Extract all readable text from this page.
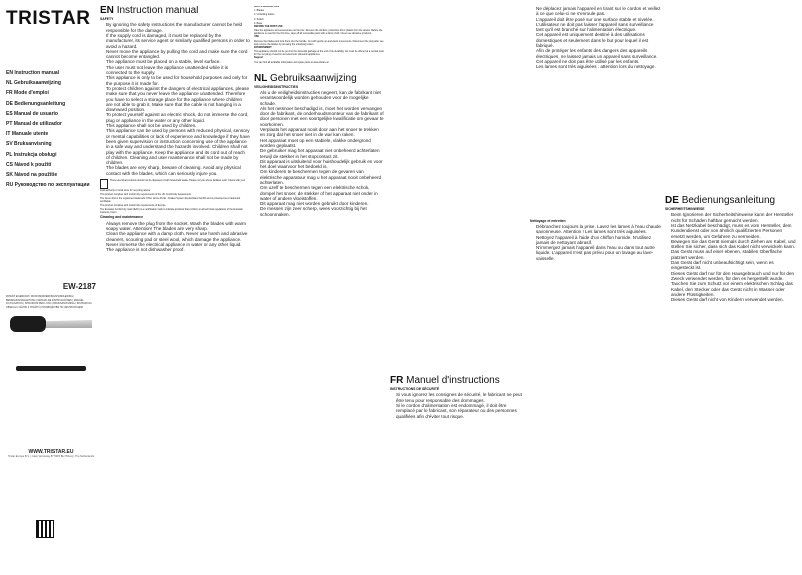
TRISTAR
EN Instruction manual
NL Gebruiksaanwijzing
FR Mode d'emploi
DE Bedienungsanleitung
ES Manual de usuario
PT Manual de utilizador
IT Manuale utente
SV Bruksanvisning
PL Instrukcja obsługi
CS Návod k použití
SK Návod na použitie
RU Руководство по эксплуатации
EW-2187
PATENT EIGENDOM / DOOD BEWOERKINGSHANDLEIDING | BEDIENUNGSANLEITUNG | MANUAL DE INSTRUCCIONES | MANUEL D'UTILISATION | ISTRUZIONI PER L'USO | BRUKSANVISNING | INSTRUKCJA OBSŁUGI | NÁVOD K POUŽITÍ | РУКОВОДСТВО ПО ЭКСПЛУАТАЦИИ
WWW.TRISTAR.EU
Tristar Europe B.V. | Jules Verneweg 87 5015 BH Tilburg | The Netherlands
EN Instruction manual
SAFETY
• By ignoring the safety instructions the manufacturer cannot be held responsible for the damage.
• If the supply cord is damaged, it must be replaced by the manufacturer, its service agent or similarly qualified persons in order to avoid a hazard.
• Never move the appliance by pulling the cord and make sure the cord cannot become entangled.
• The appliance must be placed on a stable, level surface.
• The user must not leave the appliance unattended while it is connected to the supply.
• This appliance is only to be used for household purposes and only for the purpose it is made for.
• To protect children against the dangers of electrical appliances, please make sure that you never leave the appliance unattended. Therefore you have to select a storage place for the appliance where children are not able to grab it. Make sure that the cable is not hanging in a downward position.
• To protect yourself against an electric shock, do not immerse the cord, plug or appliance in the water or any other liquid.
• This appliance shall not be used by children.
• This appliance can be used by persons with reduced physical, sensory or mental capabilities or lack of experience and knowledge if they have been given supervision or instruction concerning use of the appliance in a safe way and understand the hazards involved. Children shall not play with the appliance. Keep the appliance and its cord out of reach of children. Cleaning and user maintenance shall not be made by children.
• The blades are very sharp, beware of cleaning. Avoid any physical contact with the blades, which can seriously injure you.

These electrical products should not be disposed of with household waste. Please recycle where facilities exist. Check with your local authority or local store for recycling advice.

This product complies with conformity requirements of the UK Conformity Assessment.

The Green Dot is the registered trademark of Der Grüne Punkt - Duales System Deutschland GmbH and is protected as a trademark worldwide.

This product complies with conformity requirements of Europe.

The Eurasian Conformity mark (EAC) is a certification mark to indicate products that conform to all technical regulations of the Eurasian Customs Union.

Cleaning and maintenance
• Always remove the plug from the socket. Wash the blades with warm soapy water. Attention! The blades are very sharp.
• Clean the appliance with a damp cloth. Never use harsh and abrasive cleaners, scouring pad or steel wool, which damage the appliance.
• Never immerse the electrical appliance in water or any other liquid. The appliance is not dishwasher proof.

PARTS DESCRIPTION

1. Blades

2. Unlocking button

3. Switch

4. Base

BEFORE THE FIRST USE

Take the appliance and accessories out the box. Remove the stickers, protective foil or plastic from the device. Before the appliance is used for the first time, wipe off all removable parts with a damp cloth. Never use abrasive products.

USE

Remove the blades and lock them into the handle. Cut with gentle up-and-down movements. Disconnect the plug after use and remove the blades by pressing the unlocking button.

ENVIRONMENT

This appliance should not be put into the domestic garbage at the end of its durability, but must be offered at a central point for the recycling of electric and electronic domestic appliances.

Support

You can find all available information and spare parts at www.tristar.eu!

NL Gebruiksaanwijzing
VEILIGHEIDSINSTRUCTIES
• Als u de veiligheidsinstructies negeert, kan de fabrikant niet verantwoordelijk worden gehouden voor de mogelijke schade.
• Als het netsnoer beschadigd is, moet het worden vervangen door de fabrikant, de onderhoudsmonteur van de fabrikant of door personen met een soortgelijke kwalificatie om gevaar te voorkomen.
• Verplaats het apparaat nooit door aan het snoer te trekken en zorg dat het snoer niet in de war kan raken.
• Het apparaat moet op een stabiele, vlakke ondergrond worden geplaatst.
• De gebruiker mag het apparaat niet onbeheerd achterlaten terwijl de stekker in het stopcontact zit.
• Dit apparaat is uitsluitend voor huishoudelijk gebruik en voor het doel waarvoor het bedoeld is.
• Om kinderen te beschermen tegen de gevaren van elektrische apparatuur mag u het apparaat nooit onbeheerd achterlaten.
• Om uzelf te beschermen tegen een elektrische schok, dompel het snoer, de stekker of het apparaat niet onder in water of andere vloeistoffen.
• Dit apparaat mag niet worden gebruikt door kinderen.
• De messen zijn zeer scherp, wees voorzichtig bij het schoonmaken.
FR Manuel d'instructions
INSTRUCTIONS DE SÉCURITÉ
• Si vous ignorez les consignes de sécurité, le fabricant ne peut être tenu pour responsable des dommages.
• Si le cordon d'alimentation est endommagé, il doit être remplacé par le fabricant, son réparateur ou des personnes qualifiées afin d'éviter tout risque.
• Ne déplacez jamais l'appareil en tirant sur le cordon et veillez à ce que celui-ci ne s'enroule pas.
• L'appareil doit être posé sur une surface stable et nivelée.
• L'utilisateur ne doit pas laisser l'appareil sans surveillance tant qu'il est branché sur l'alimentation électrique.
• Cet appareil est uniquement destiné à des utilisations domestiques et seulement dans le but pour lequel il est fabriqué.
• Afin de protéger les enfants des dangers des appareils électriques, ne laissez jamais un appareil sans surveillance.
• Cet appareil ne doit pas être utilisé par les enfants.
• Les lames sont très aiguisées : attention lors du nettoyage.
Nettoyage et entretien
• Débranchez toujours la prise. Lavez les lames à l'eau chaude savonneuse. Attention ! Les lames sont très aiguisées.
• Nettoyez l'appareil à l'aide d'un chiffon humide. N'utilisez jamais de nettoyant abrasif.
• N'immergez jamais l'appareil dans l'eau ou dans tout autre liquide. L'appareil n'est pas prévu pour un lavage au lave-vaisselle.
DE Bedienungsanleitung
SICHERHEITSHINWEISE
• Beim Ignorieren der Sicherheitshinweise kann der Hersteller nicht für Schäden haftbar gemacht werden.
• Ist das Netzkabel beschädigt, muss es vom Hersteller, dem Kundendienst oder von ähnlich qualifizierten Personen ersetzt werden, um Gefahren zu vermeiden.
• Bewegen Sie das Gerät niemals durch Ziehen am Kabel, und stellen Sie sicher, dass sich das Kabel nicht verwickeln kann.
• Das Gerät muss auf einer ebenen, stabilen Oberfläche platziert werden.
• Das Gerät darf nicht unbeaufsichtigt sein, wenn es eingesteckt ist.
• Dieses Gerät darf nur für den Hausgebrauch und nur für den Zweck verwendet werden, für den es hergestellt wurde.
• Tauchen Sie zum Schutz vor einem elektrischen Schlag das Kabel, den Stecker oder das Gerät nicht in Wasser oder andere Flüssigkeiten.
• Dieses Gerät darf nicht von Kindern verwendet werden.
